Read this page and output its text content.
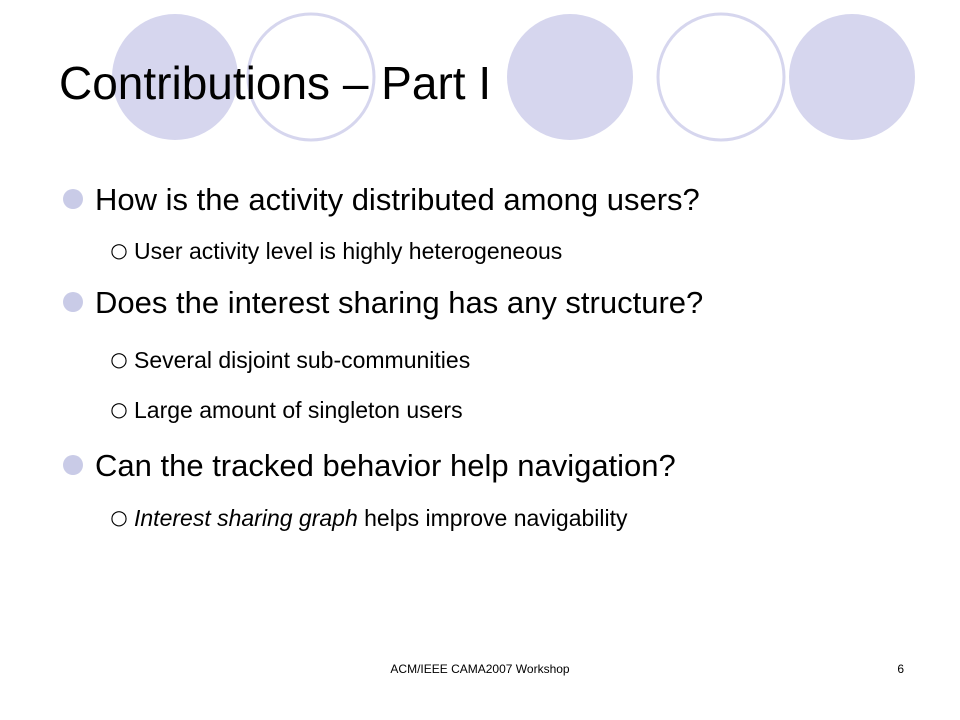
Contributions – Part I
How is the activity distributed among users?
○ User activity level is highly heterogeneous
Does the interest sharing has any structure?
○ Several disjoint sub-communities
○ Large amount of singleton users
Can the tracked behavior help navigation?
○ Interest sharing graph helps improve navigability
ACM/IEEE CAMA2007 Workshop	6
